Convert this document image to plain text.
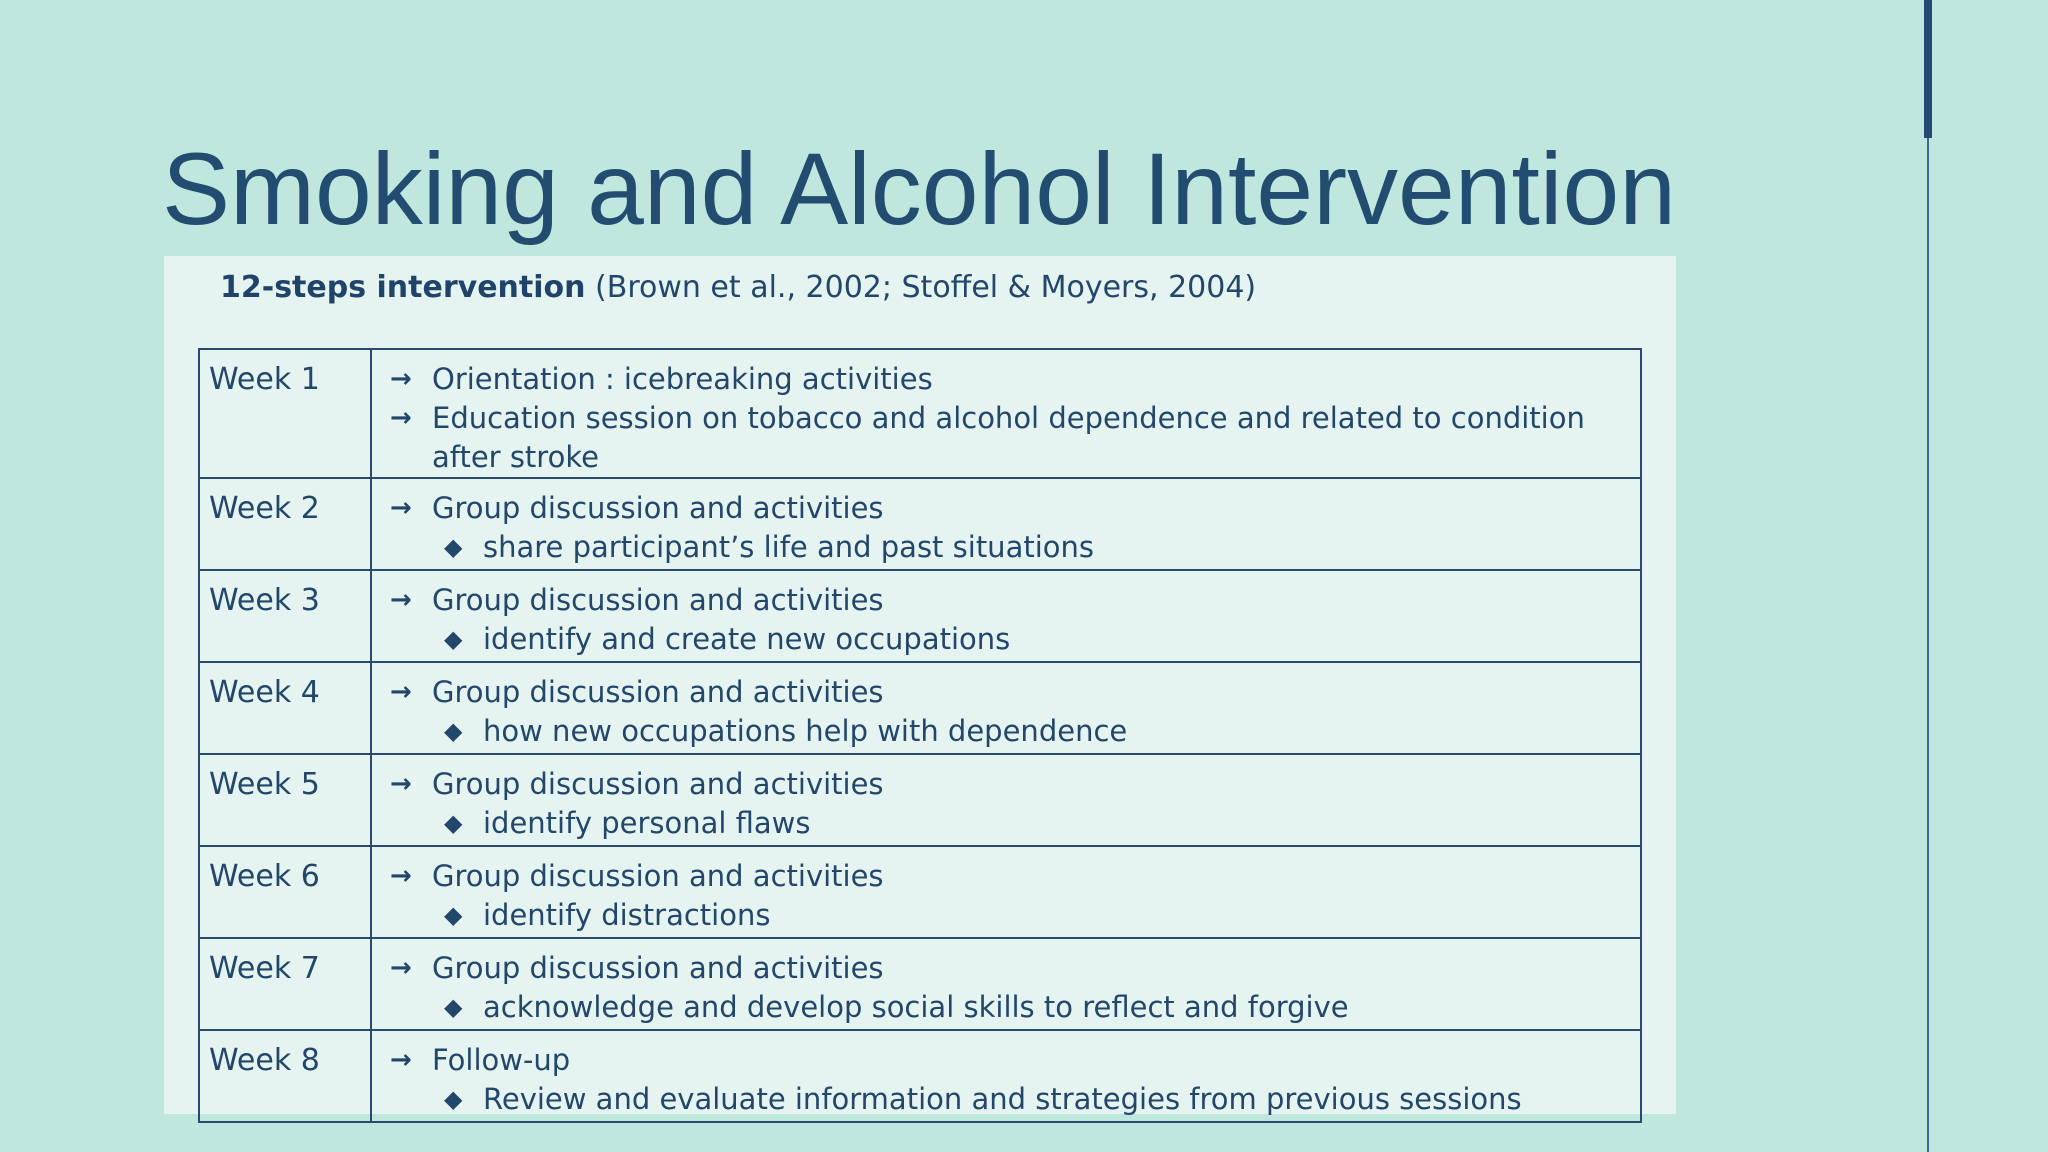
Smoking and Alcohol Intervention
12-steps intervention (Brown et al., 2002; Stoffel & Moyers, 2004)
Week 1	→ Orientation : icebreaking activities
→ Education session on tobacco and alcohol dependence and related to condition after stroke

Week 2	→ Group discussion and activities
◆ share participant’s life and past situations

Week 3	→ Group discussion and activities
◆ identify and create new occupations

Week 4	→ Group discussion and activities
◆ how new occupations help with dependence

Week 5	→ Group discussion and activities
◆ identify personal flaws

Week 6	→ Group discussion and activities
◆ identify distractions

Week 7	→ Group discussion and activities
◆ acknowledge and develop social skills to reflect and forgive

Week 8	→ Follow-up
◆ Review and evaluate information and strategies from previous sessions
